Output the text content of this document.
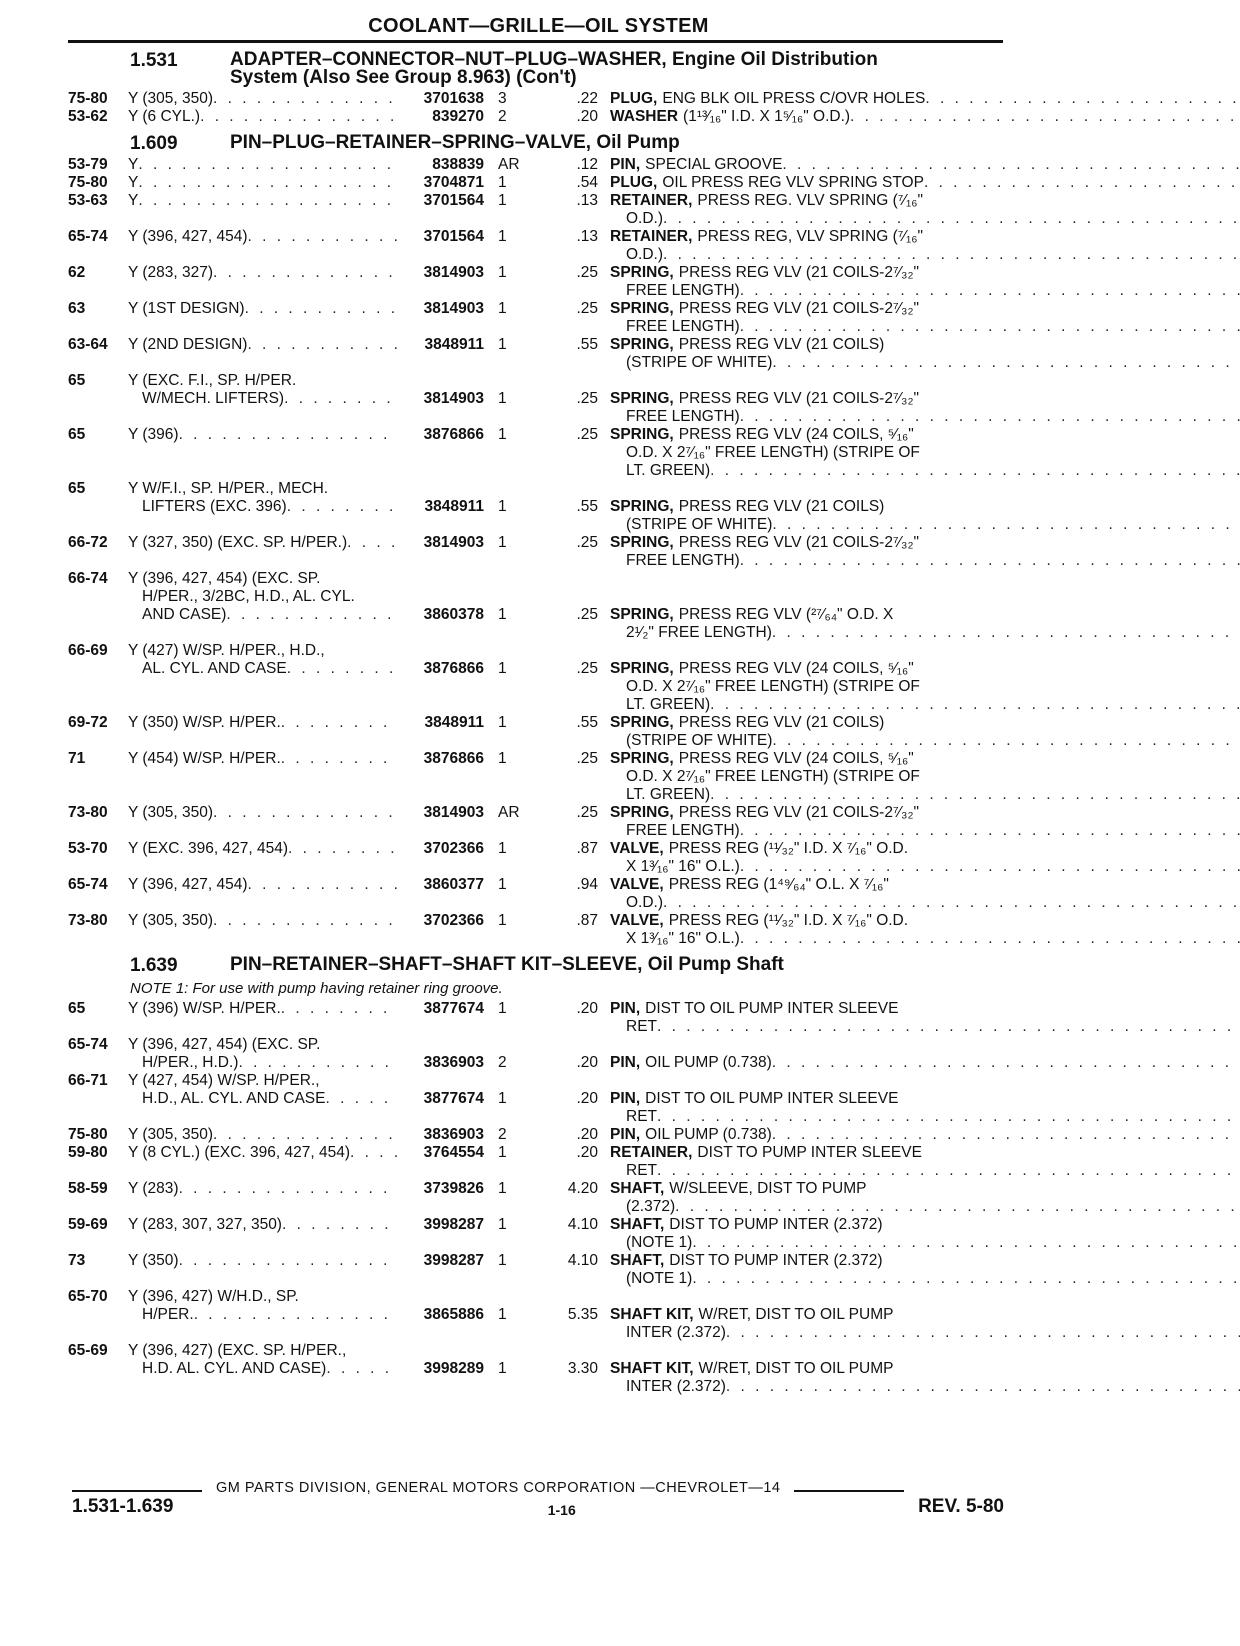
COOLANT—GRILLE—OIL SYSTEM
1.531	ADAPTER–CONNECTOR–NUT–PLUG–WASHER, Engine Oil Distribution
System (Also See Group 8.963) (Con't)
75-80	Y (305, 350) . . .	3701638 3	.22 PLUG, ENG BLK OIL PRESS C/OVR HOLES
. . .
53-62	Y (6 CYL.) . . .	839270 2	.20 WASHER (1¹³⁄₁₆" I.D. X 1⁵⁄₁₆" O.D.)
. . .
1.609	PIN–PLUG–RETAINER–SPRING–VALVE, Oil Pump
53-79	Y . . .	838839 AR	.12 PIN, SPECIAL GROOVE
. . .
75-80	Y . . .	3704871 1	.54 PLUG, OIL PRESS REG VLV SPRING STOP
. . .
53-63	Y . . .	3701564 1	.13 RETAINER, PRESS REG. VLV SPRING (⁷⁄₁₆"
O.D.)
. . .
65-74	Y (396, 427, 454) . . .	3701564 1	.13 RETAINER, PRESS REG, VLV SPRING (⁷⁄₁₆"
O.D.)
. . .
62	Y (283, 327) . . .	3814903 1	.25 SPRING, PRESS REG VLV (21 COILS-2⁷⁄₃₂"
FREE LENGTH)
. . .
63	Y (1ST DESIGN) . . .	3814903 1	.25 SPRING, PRESS REG VLV (21 COILS-2⁷⁄₃₂"
FREE LENGTH)
. . .
63-64	Y (2ND DESIGN) . . .	3848911 1	.55 SPRING, PRESS REG VLV (21 COILS)
(STRIPE OF WHITE)
. . .
65	Y (EXC. F.I., SP. H/PER.
W/MECH. LIFTERS) . . .	3814903 1	.25 SPRING, PRESS REG VLV (21 COILS-2⁷⁄₃₂"
FREE LENGTH)
. . .
65	Y (396) . . .	3876866 1	.25 SPRING, PRESS REG VLV (24 COILS, ⁵⁄₁₆"
O.D. X 2⁷⁄₁₆" FREE LENGTH) (STRIPE OF
LT. GREEN)
. . .
65	Y W/F.I., SP. H/PER., MECH.
LIFTERS (EXC. 396) . . .	3848911 1	.55 SPRING, PRESS REG VLV (21 COILS)
(STRIPE OF WHITE)
. . .
66-72	Y (327, 350) (EXC. SP. H/PER.) . . .	3814903 1	.25 SPRING, PRESS REG VLV (21 COILS-2⁷⁄₃₂"
FREE LENGTH)
. . .
66-74	Y (396, 427, 454) (EXC. SP.
H/PER., 3/2BC, H.D., AL. CYL.
AND CASE) . . .	3860378 1	.25 SPRING, PRESS REG VLV (²⁷⁄₆₄" O.D. X
2¹⁄₂" FREE LENGTH)
. . .
66-69	Y (427) W/SP. H/PER., H.D.,
AL. CYL. AND CASE . . .	3876866 1	.25 SPRING, PRESS REG VLV (24 COILS, ⁵⁄₁₆"
O.D. X 2⁷⁄₁₆" FREE LENGTH) (STRIPE OF
LT. GREEN)
. . .
69-72	Y (350) W/SP. H/PER. . . .	3848911 1	.55 SPRING, PRESS REG VLV (21 COILS)
(STRIPE OF WHITE)
. . .
71	Y (454) W/SP. H/PER. . . .	3876866 1	.25 SPRING, PRESS REG VLV (24 COILS, ⁵⁄₁₆"
O.D. X 2⁷⁄₁₆" FREE LENGTH) (STRIPE OF
LT. GREEN)
. . .
73-80	Y (305, 350) . . .	3814903 AR	.25 SPRING, PRESS REG VLV (21 COILS-2⁷⁄₃₂"
FREE LENGTH)
. . .
53-70	Y (EXC. 396, 427, 454) . . .	3702366 1	.87 VALVE, PRESS REG (¹¹⁄₃₂" I.D. X ⁷⁄₁₆" O.D.
X 1³⁄₁₆" 16" O.L.)
. . .
65-74	Y (396, 427, 454) . . .	3860377 1	.94 VALVE, PRESS REG (1⁴⁹⁄₆₄" O.L. X ⁷⁄₁₆"
O.D.)
. . .
73-80	Y (305, 350) . . .	3702366 1	.87 VALVE, PRESS REG (¹¹⁄₃₂" I.D. X ⁷⁄₁₆" O.D.
X 1³⁄₁₆" 16" O.L.)
. . .
1.639	PIN–RETAINER–SHAFT–SHAFT KIT–SLEEVE, Oil Pump Shaft
NOTE 1: For use with pump having retainer ring groove.
65	Y (396) W/SP. H/PER. . . .	3877674 1	.20 PIN, DIST TO OIL PUMP INTER SLEEVE
RET
. . .
65-74	Y (396, 427, 454) (EXC. SP.
H/PER., H.D.) . . .	3836903 2	.20 PIN, OIL PUMP (0.738)
. . .
66-71	Y (427, 454) W/SP. H/PER.,
H.D., AL. CYL. AND CASE . . .	3877674 1	.20 PIN, DIST TO OIL PUMP INTER SLEEVE
RET
. . .
75-80	Y (305, 350) . . .	3836903 2	.20 PIN, OIL PUMP (0.738)
. . .
59-80	Y (8 CYL.) (EXC. 396, 427, 454) . . .	3764554 1	.20 RETAINER, DIST TO PUMP INTER SLEEVE
RET
. . .
58-59	Y (283) . . .	3739826 1	4.20 SHAFT, W/SLEEVE, DIST TO PUMP
(2.372)
. . .
59-69	Y (283, 307, 327, 350) . . .	3998287 1	4.10 SHAFT, DIST TO PUMP INTER (2.372)
(NOTE 1)
. . .
73	Y (350) . . .	3998287 1	4.10 SHAFT, DIST TO PUMP INTER (2.372)
(NOTE 1)
. . .
65-70	Y (396, 427) W/H.D., SP.
H/PER. . . .	3865886 1	5.35 SHAFT KIT, W/RET, DIST TO OIL PUMP
INTER (2.372)
. . .
65-69	Y (396, 427) (EXC. SP. H/PER.,
H.D. AL. CYL. AND CASE) . . .	3998289 1	3.30 SHAFT KIT, W/RET, DIST TO OIL PUMP
INTER (2.372)
. . .
GM PARTS DIVISION, GENERAL MOTORS CORPORATION —CHEVROLET—14
1.531-1.639	1-16	REV. 5-80
